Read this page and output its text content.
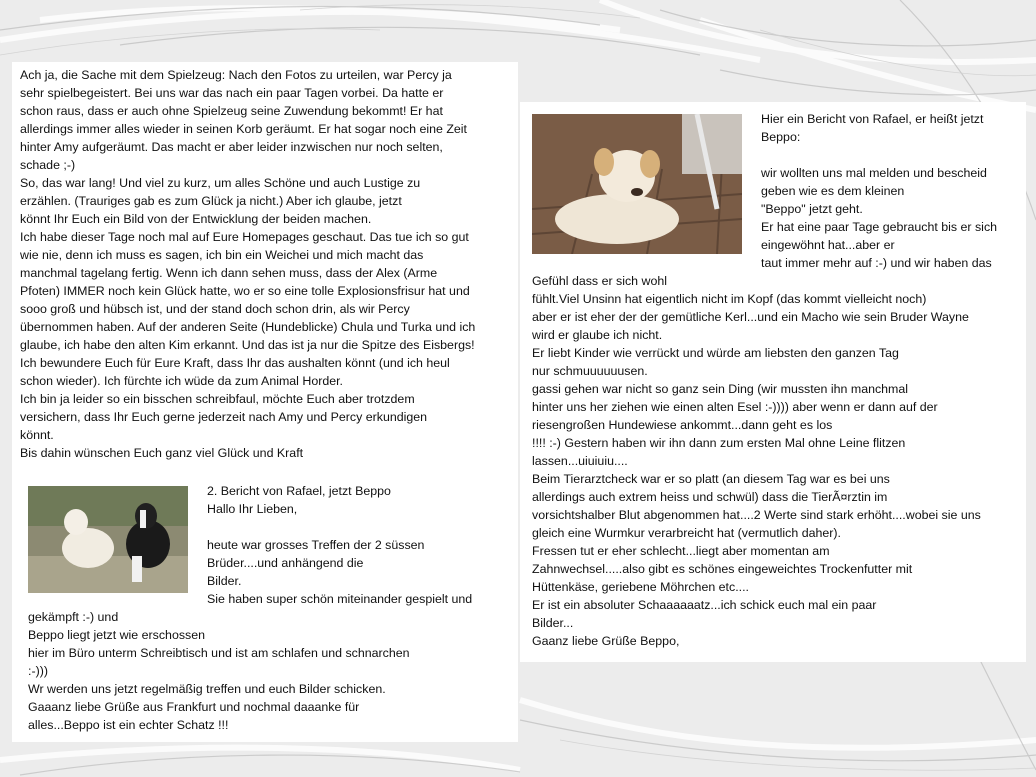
Ach ja, die Sache mit dem Spielzeug: Nach den Fotos zu urteilen, war Percy ja
sehr spielbegeistert. Bei uns war das nach ein paar Tagen vorbei. Da hatte er
schon raus, dass er auch ohne Spielzeug seine Zuwendung bekommt! Er hat
allerdings immer alles wieder in seinen Korb geräumt. Er hat sogar noch eine Zeit
hinter Amy aufgeräumt. Das macht er aber leider inzwischen nur noch selten,
schade ;-)
So, das war lang! Und viel zu kurz, um alles Schöne und auch Lustige zu
erzählen. (Trauriges gab es zum Glück ja nicht.) Aber ich glaube, jetzt
könnt Ihr Euch ein Bild von der Entwicklung der beiden machen.
Ich habe dieser Tage noch mal auf Eure Homepages geschaut. Das tue ich so gut
wie nie, denn ich muss es sagen, ich bin ein Weichei und mich macht das
manchmal tagelang fertig. Wenn ich dann sehen muss, dass der Alex (Arme
Pfoten) IMMER noch kein Glück hatte, wo er so eine tolle Explosionsfrisur hat und
sooo groß und hübsch ist, und der stand doch schon drin, als wir Percy
übernommen haben. Auf der anderen Seite (Hundeblicke) Chula und Turka und ich
glaube, ich habe den alten Kim erkannt. Und das ist ja nur die Spitze des Eisbergs!
Ich bewundere Euch für Eure Kraft, dass Ihr das aushalten könnt (und ich heul
schon wieder). Ich fürchte ich wüde da zum Animal Horder.
Ich bin ja leider so ein bisschen schreibfaul, möchte Euch aber trotzdem
versichern, dass Ihr Euch gerne jederzeit nach Amy und Percy erkundigen
könnt.
Bis dahin wünschen Euch ganz viel Glück und Kraft

2. Bericht von Rafael, jetzt Beppo
Hallo Ihr Lieben,

heute war grosses Treffen der 2 süssen
Brüder....und anhängend die
Bilder.
Sie haben super schön miteinander gespielt und

gekämpft :-) und
Beppo liegt jetzt wie erschossen
hier im Büro unterm Schreibtisch und ist am schlafen und schnarchen
:-)))
Wr werden uns jetzt regelmäßig treffen und euch Bilder schicken.
Gaaanz liebe Grüße aus Frankfurt und nochmal daaanke für
alles...Beppo ist ein echter Schatz !!!

Hier ein Bericht von Rafael, er heißt jetzt
Beppo:

wir wollten uns mal melden und bescheid
geben wie es dem kleinen
"Beppo" jetzt geht.
Er hat eine paar Tage gebraucht bis er sich
eingewöhnt hat...aber er
taut immer mehr auf :-) und wir haben das

Gefühl dass er sich wohl
fühlt.Viel Unsinn hat eigentlich nicht im Kopf (das kommt vielleicht noch)
aber er ist eher der der gemütliche Kerl...und ein Macho wie sein Bruder Wayne
wird er glaube ich nicht.
Er liebt Kinder wie verrückt und würde am liebsten den ganzen Tag
nur schmuuuuuusen.
gassi gehen war nicht so ganz sein Ding (wir mussten ihn manchmal
hinter uns her ziehen wie einen alten Esel :-)))) aber wenn er dann auf der
riesengroßen Hundewiese ankommt...dann geht es los
!!!! :-) Gestern haben wir ihn dann zum ersten Mal ohne Leine flitzen
lassen...uiuiuiu....
Beim Tierarztcheck war er so platt (an diesem Tag war es bei uns
allerdings auch extrem heiss und schwül) dass die TierÃ¤rztin im
vorsichtshalber Blut abgenommen hat....2 Werte sind stark erhöht....wobei sie uns
gleich eine Wurmkur verarbreicht hat (vermutlich daher).
Fressen tut er eher schlecht...liegt aber momentan am
Zahnwechsel.....also gibt es schönes eingeweichtes Trockenfutter mit
Hüttenkäse, geriebene Möhrchen etc....
Er ist ein absoluter Schaaaaaatz...ich schick euch mal ein paar
Bilder...
Gaanz liebe Grüße Beppo,
